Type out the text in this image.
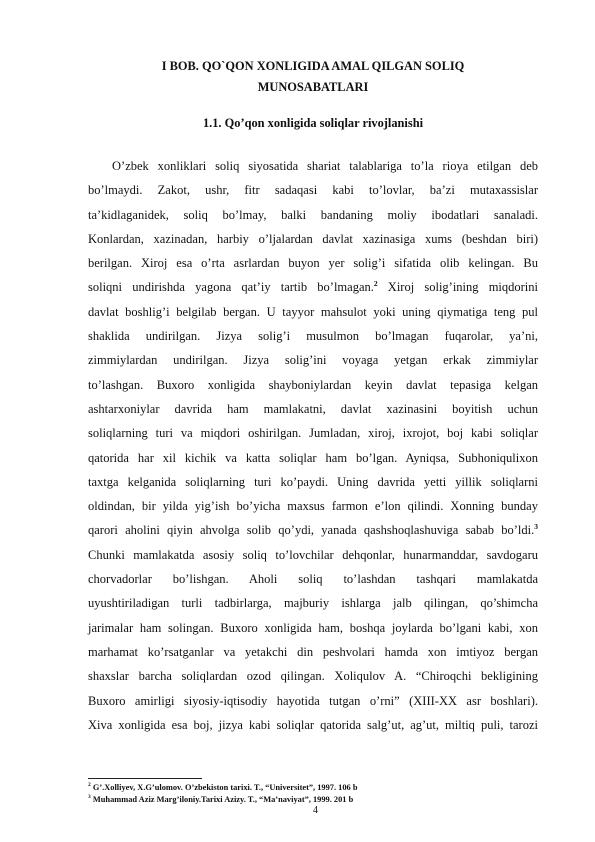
I BOB. QO`QON XONLIGIDA AMAL QILGAN SOLIQ

MUNOSABATLARI

1.1. Qo’qon xonligida soliqlar rivojlanishi

O’zbek xonliklari soliq siyosatida shariat talablariga to’la rioya etilgan deb
bo’lmaydi. Zakot, ushr, fitr sadaqasi kabi to’lovlar, ba’zi mutaxassislar
ta’kidlaganidek, soliq bo’lmay, balki bandaning moliy ibodatlari sanaladi.
Konlardan, xazinadan, harbiy o’ljalardan davlat xazinasiga xums (beshdan biri)
berilgan. Xiroj esa o’rta asrlardan buyon yer solig’i sifatida olib kelingan. Bu
soliqni undirishda yagona qat’iy tartib bo’lmagan.$^2$ Xiroj solig’ining miqdorini
davlat boshlig’i belgilab bergan. U tayyor mahsulot yoki uning qiymatiga teng pul
shaklida undirilgan. Jizya solig’i musulmon bo’lmagan fuqarolar, ya’ni,
zimmiylardan undirilgan. Jizya solig’ini voyaga yetgan erkak zimmiylar
to’lashgan. Buxoro xonligida shayboniylardan keyin davlat tepasiga kelgan
ashtarxoniylar davrida ham mamlakatni, davlat xazinasini boyitish uchun
soliqlarning turi va miqdori oshirilgan. Jumladan, xiroj, ixrojot, boj kabi soliqlar
qatorida har xil kichik va katta soliqlar ham bo’lgan. Ayniqsa, Subhoniqulixon
taxtga kelganida soliqlarning turi ko’paydi. Uning davrida yetti yillik soliqlarni
oldindan, bir yilda yig’ish bo’yicha maxsus farmon e’lon qilindi. Xonning bunday
qarori aholini qiyin ahvolga solib qo’ydi, yanada qashshoqlashuviga sabab bo’ldi.$^3$
Chunki mamlakatda asosiy soliq to’lovchilar dehqonlar, hunarmanddar, savdogaru
chorvadorlar bo’lishgan. Aholi soliq to’lashdan tashqari mamlakatda
uyushtiriladigan turli tadbirlarga, majburiy ishlarga jalb qilingan, qo’shimcha
jarimalar ham solingan. Buxoro xonligida ham, boshqa joylarda bo’lgani kabi, xon
marhamat ko’rsatganlar va yetakchi din peshvolari hamda xon imtiyoz bergan
shaxslar barcha soliqlardan ozod qilingan. Xoliqulov A. “Chiroqchi bekligining
Buxoro amirligi siyosiy-iqtisodiy hayotida tutgan o’rni” (XIII-XX asr boshlari).
Xiva xonligida esa boj, jizya kabi soliqlar qatorida salg’ut, ag’ut, miltiq puli, tarozi
$^2$ G’.Xolliyev, X.G’ulomov. O’zbekiston tarixi. T., “Universitet”, 1997. 106 b
$^3$ Muhammad Aziz Marg’iloniy.Tarixi Azizy. T., “Ma’naviyat”, 1999. 201 b
4
